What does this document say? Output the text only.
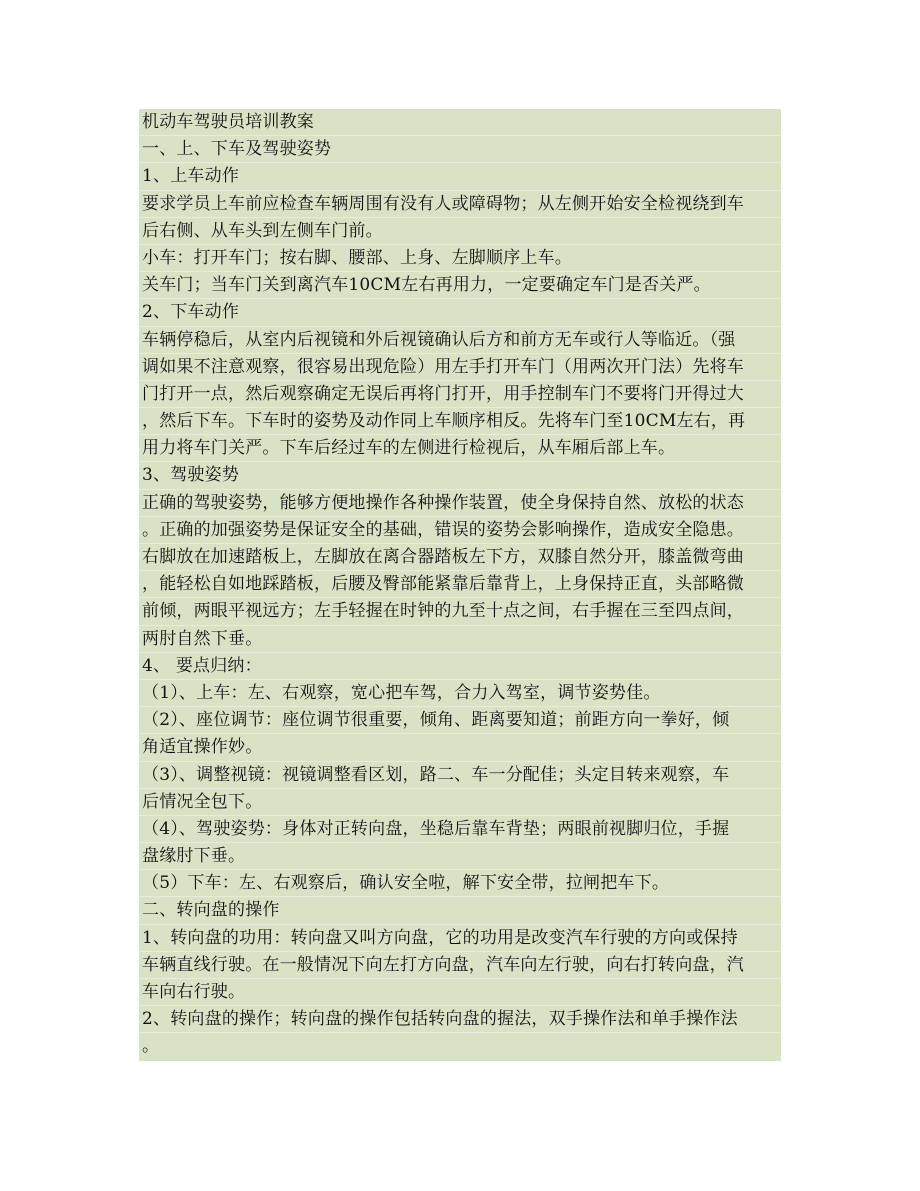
机动车驾驶员培训教案
一、上、下车及驾驶姿势
1、上车动作
要求学员上车前应检查车辆周围有没有人或障碍物；从左侧开始安全检视绕到车
后右侧、从车头到左侧车门前。
小车：打开车门；按右脚、腰部、上身、左脚顺序上车。
关车门；当车门关到离汽车10CM左右再用力，一定要确定车门是否关严。
2、下车动作
车辆停稳后，从室内后视镜和外后视镜确认后方和前方无车或行人等临近。（强
调如果不注意观察，很容易出现危险）用左手打开车门（用两次开门法）先将车
门打开一点，然后观察确定无误后再将门打开，用手控制车门不要将门开得过大
，然后下车。下车时的姿势及动作同上车顺序相反。先将车门至10CM左右，再
用力将车门关严。下车后经过车的左侧进行检视后，从车厢后部上车。
3、驾驶姿势
正确的驾驶姿势，能够方便地操作各种操作装置，使全身保持自然、放松的状态
。正确的加强姿势是保证安全的基础，错误的姿势会影响操作，造成安全隐患。
右脚放在加速踏板上，左脚放在离合器踏板左下方，双膝自然分开，膝盖微弯曲
，能轻松自如地踩踏板，后腰及臀部能紧靠后靠背上，上身保持正直，头部略微
前倾，两眼平视远方；左手轻握在时钟的九至十点之间，右手握在三至四点间，
两肘自然下垂。
4、 要点归纳：
（1）、上车：左、右观察，宽心把车驾，合力入驾室，调节姿势佳。
（2）、座位调节：座位调节很重要，倾角、距离要知道；前距方向一拳好，倾
角适宜操作妙。
（3）、调整视镜：视镜调整看区划，路二、车一分配佳；头定目转来观察，车
后情况全包下。
（4）、驾驶姿势：身体对正转向盘，坐稳后靠车背垫；两眼前视脚归位，手握
盘缘肘下垂。
（5）下车：左、右观察后，确认安全啦，解下安全带，拉闸把车下。
二、转向盘的操作
1、转向盘的功用：转向盘又叫方向盘，它的功用是改变汽车行驶的方向或保持
车辆直线行驶。在一般情况下向左打方向盘，汽车向左行驶，向右打转向盘，汽
车向右行驶。
2、转向盘的操作；转向盘的操作包括转向盘的握法，双手操作法和单手操作法
。
